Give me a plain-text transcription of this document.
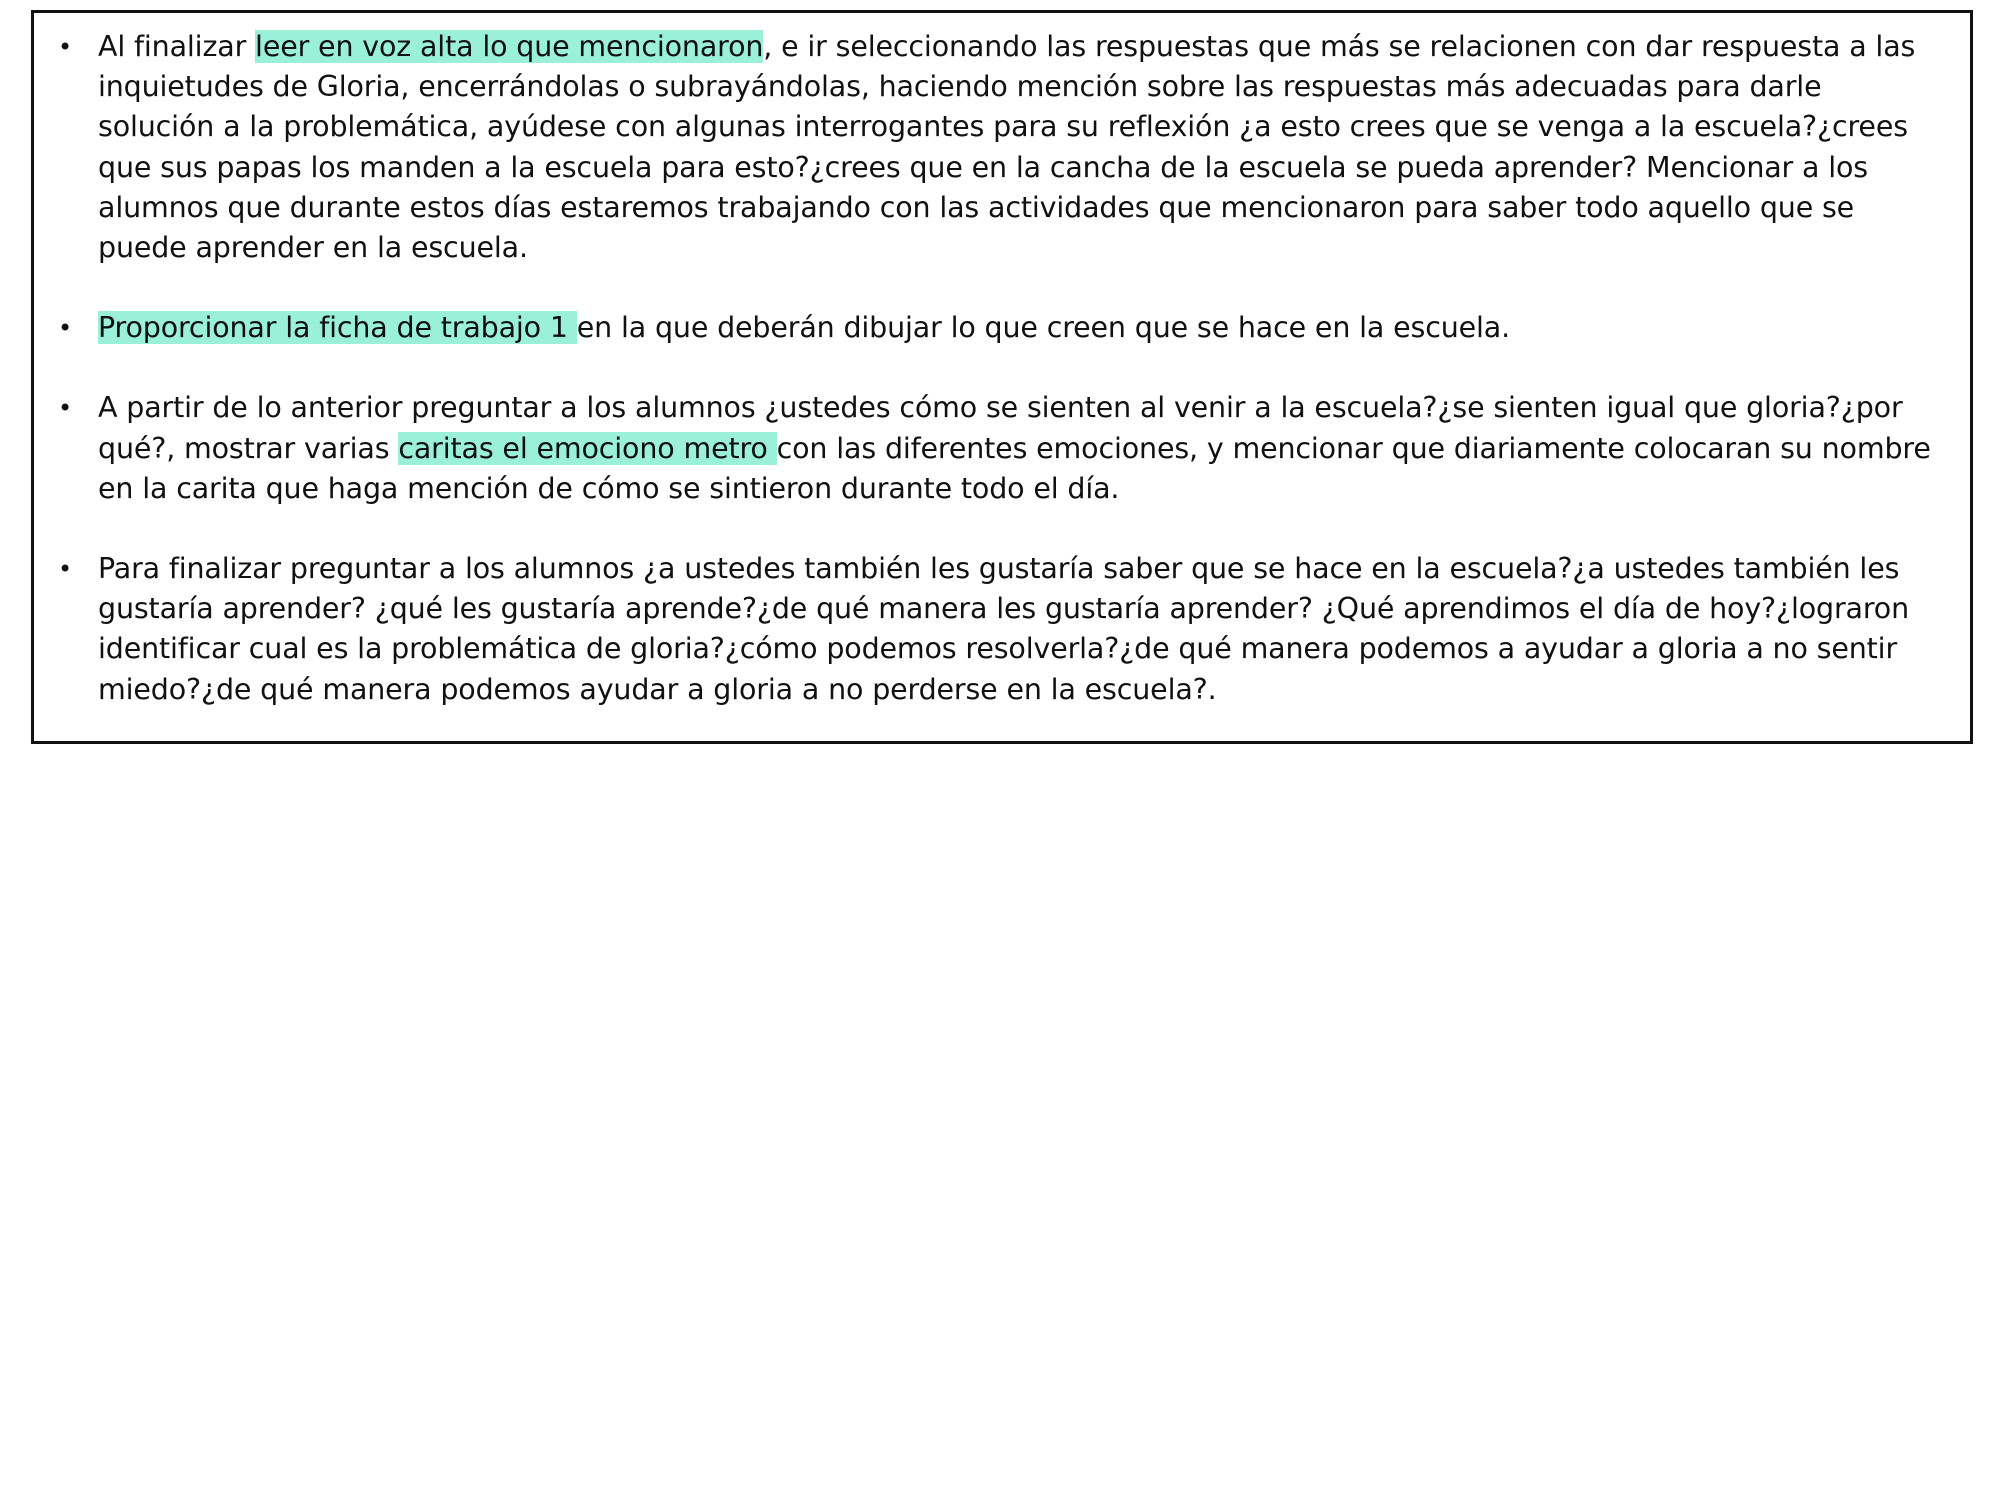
• Al finalizar leer en voz alta lo que mencionaron, e ir seleccionando las respuestas que más se relacionen con dar respuesta a las inquietudes de Gloria, encerrándolas o subrayándolas, haciendo mención sobre las respuestas más adecuadas para darle solución a la problemática, ayúdese con algunas interrogantes para su reflexión ¿a esto crees que se venga a la escuela?¿crees que sus papas los manden a la escuela para esto?¿crees que en la cancha de la escuela se pueda aprender? Mencionar a los alumnos que durante estos días estaremos trabajando con las actividades que mencionaron para saber todo aquello que se puede aprender en la escuela.
• Proporcionar la ficha de trabajo 1 en la que deberán dibujar lo que creen que se hace en la escuela.
• A partir de lo anterior preguntar a los alumnos ¿ustedes cómo se sienten al venir a la escuela?¿se sienten igual que gloria?¿por qué?, mostrar varias caritas el emociono metro con las diferentes emociones, y mencionar que diariamente colocaran su nombre en la carita que haga mención de cómo se sintieron durante todo el día.
• Para finalizar preguntar a los alumnos ¿a ustedes también les gustaría saber que se hace en la escuela?¿a ustedes también les gustaría aprender? ¿qué les gustaría aprende?¿de qué manera les gustaría aprender? ¿Qué aprendimos el día de hoy?¿lograron identificar cual es la problemática de gloria?¿cómo podemos resolverla?¿de qué manera podemos a ayudar a gloria a no sentir miedo?¿de qué manera podemos ayudar a gloria a no perderse en la escuela?.
